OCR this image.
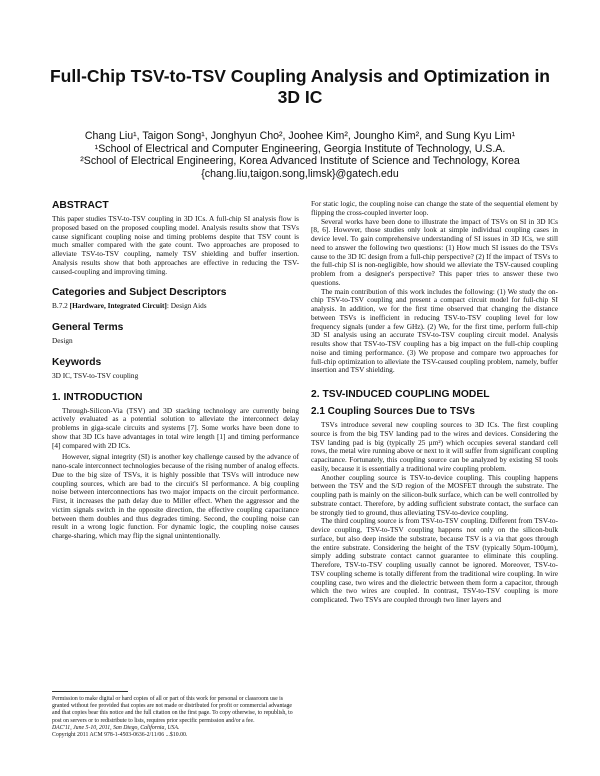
Full-Chip TSV-to-TSV Coupling Analysis and Optimization in 3D IC
Chang Liu¹, Taigon Song¹, Jonghyun Cho², Joohee Kim², Joungho Kim², and Sung Kyu Lim¹
¹School of Electrical and Computer Engineering, Georgia Institute of Technology, U.S.A.
²School of Electrical Engineering, Korea Advanced Institute of Science and Technology, Korea
{chang.liu,taigon.song,limsk}@gatech.edu
ABSTRACT

This paper studies TSV-to-TSV coupling in 3D ICs. A full-chip SI analysis flow is proposed based on the proposed coupling model. Analysis results show that TSVs cause significant coupling noise and timing problems despite that TSV count is much smaller compared with the gate count. Two approaches are proposed to alleviate TSV-to-TSV coupling, namely TSV shielding and buffer insertion. Analysis results show that both approaches are effective in reducing the TSV-caused-coupling and improving timing.

Categories and Subject Descriptors

B.7.2 [Hardware, Integrated Circuit]: Design Aids

General Terms

Design

Keywords

3D IC, TSV-to-TSV coupling

1. INTRODUCTION

Through-Silicon-Via (TSV) and 3D stacking technology are currently being actively evaluated as a potential solution to alleviate the interconnect delay problems in giga-scale circuits and systems [7]. Some works have been done to show that 3D ICs have advantages in total wire length [1] and timing performance [4] compared with 2D ICs.

However, signal integrity (SI) is another key challenge caused by the advance of nano-scale interconnect technologies because of the rising number of analog effects. Due to the big size of TSVs, it is highly possible that TSVs will introduce new coupling sources, which are bad to the circuit's SI performance. A big coupling noise between interconnections has two major impacts on the circuit performance. First, it increases the path delay due to Miller effect. When the aggressor and the victim signals switch in the opposite direction, the effective coupling capacitance between them doubles and thus degrades timing. Second, the coupling noise can result in a wrong logic function. For dynamic logic, the coupling noise causes charge-sharing, which may flip the signal unintentionally.

Permission to make digital or hard copies of all or part of this work for personal or classroom use is granted without fee provided that copies are not made or distributed for profit or commercial advantage and that copies bear this notice and the full citation on the first page. To copy otherwise, to republish, to post on servers or to redistribute to lists, requires prior specific permission and/or a fee.

DAC'11, June 5-10, 2011, San Diego, California, USA.

Copyright 2011 ACM 978-1-4503-0636-2/11/06 ...$10.00.

For static logic, the coupling noise can change the state of the sequential element by flipping the cross-coupled inverter loop.

Several works have been done to illustrate the impact of TSVs on SI in 3D ICs [8, 6]. However, those studies only look at simple individual coupling cases in device level. To gain comprehensive understanding of SI issues in 3D ICs, we still need to answer the following two questions: (1) How much SI issues do the TSVs cause to the 3D IC design from a full-chip perspective? (2) If the impact of TSVs to the full-chip SI is non-negligible, how should we alleviate the TSV-caused coupling problem from a designer's perspective? This paper tries to answer these two questions.

The main contribution of this work includes the following: (1) We study the on-chip TSV-to-TSV coupling and present a compact circuit model for full-chip SI analysis. In addition, we for the first time observed that changing the distance between TSVs is inefficient in reducing TSV-to-TSV coupling level for low frequency signals (under a few GHz). (2) We, for the first time, perform full-chip 3D SI analysis using an accurate TSV-to-TSV coupling circuit model. Analysis results show that TSV-to-TSV coupling has a big impact on the full-chip coupling noise and timing performance. (3) We propose and compare two approaches for full-chip optimization to alleviate the TSV-caused coupling problem, namely, buffer insertion and TSV shielding.

2. TSV-INDUCED COUPLING MODEL
2.1 Coupling Sources Due to TSVs

TSVs introduce several new coupling sources to 3D ICs. The first coupling source is from the big TSV landing pad to the wires and devices. Considering the TSV landing pad is big (typically 25 µm²) which occupies several standard cell rows, the metal wire running above or next to it will suffer from significant coupling capacitance. Fortunately, this coupling source can be analyzed by existing SI tools easily, because it is essentially a traditional wire coupling problem.

Another coupling source is TSV-to-device coupling. This coupling happens between the TSV and the S/D region of the MOSFET through the substrate. The coupling path is mainly on the silicon-bulk surface, which can be well controlled by substrate contact. Therefore, by adding sufficient substrate contact, the surface can be strongly tied to ground, thus alleviating TSV-to-device coupling.

The third coupling source is from TSV-to-TSV coupling. Different from TSV-to-device coupling, TSV-to-TSV coupling happens not only on the silicon-bulk surface, but also deep inside the substrate, because TSV is a via that goes through the entire substrate. Considering the height of the TSV (typically 50µm-100µm), simply adding substrate contact cannot guarantee to eliminate this coupling. Therefore, TSV-to-TSV coupling usually cannot be ignored. Moreover, TSV-to-TSV coupling scheme is totally different from the traditional wire coupling. In wire coupling case, two wires and the dielectric between them form a capacitor, through which the two wires are coupled. In contrast, TSV-to-TSV coupling is more complicated. Two TSVs are coupled through two liner layers and
